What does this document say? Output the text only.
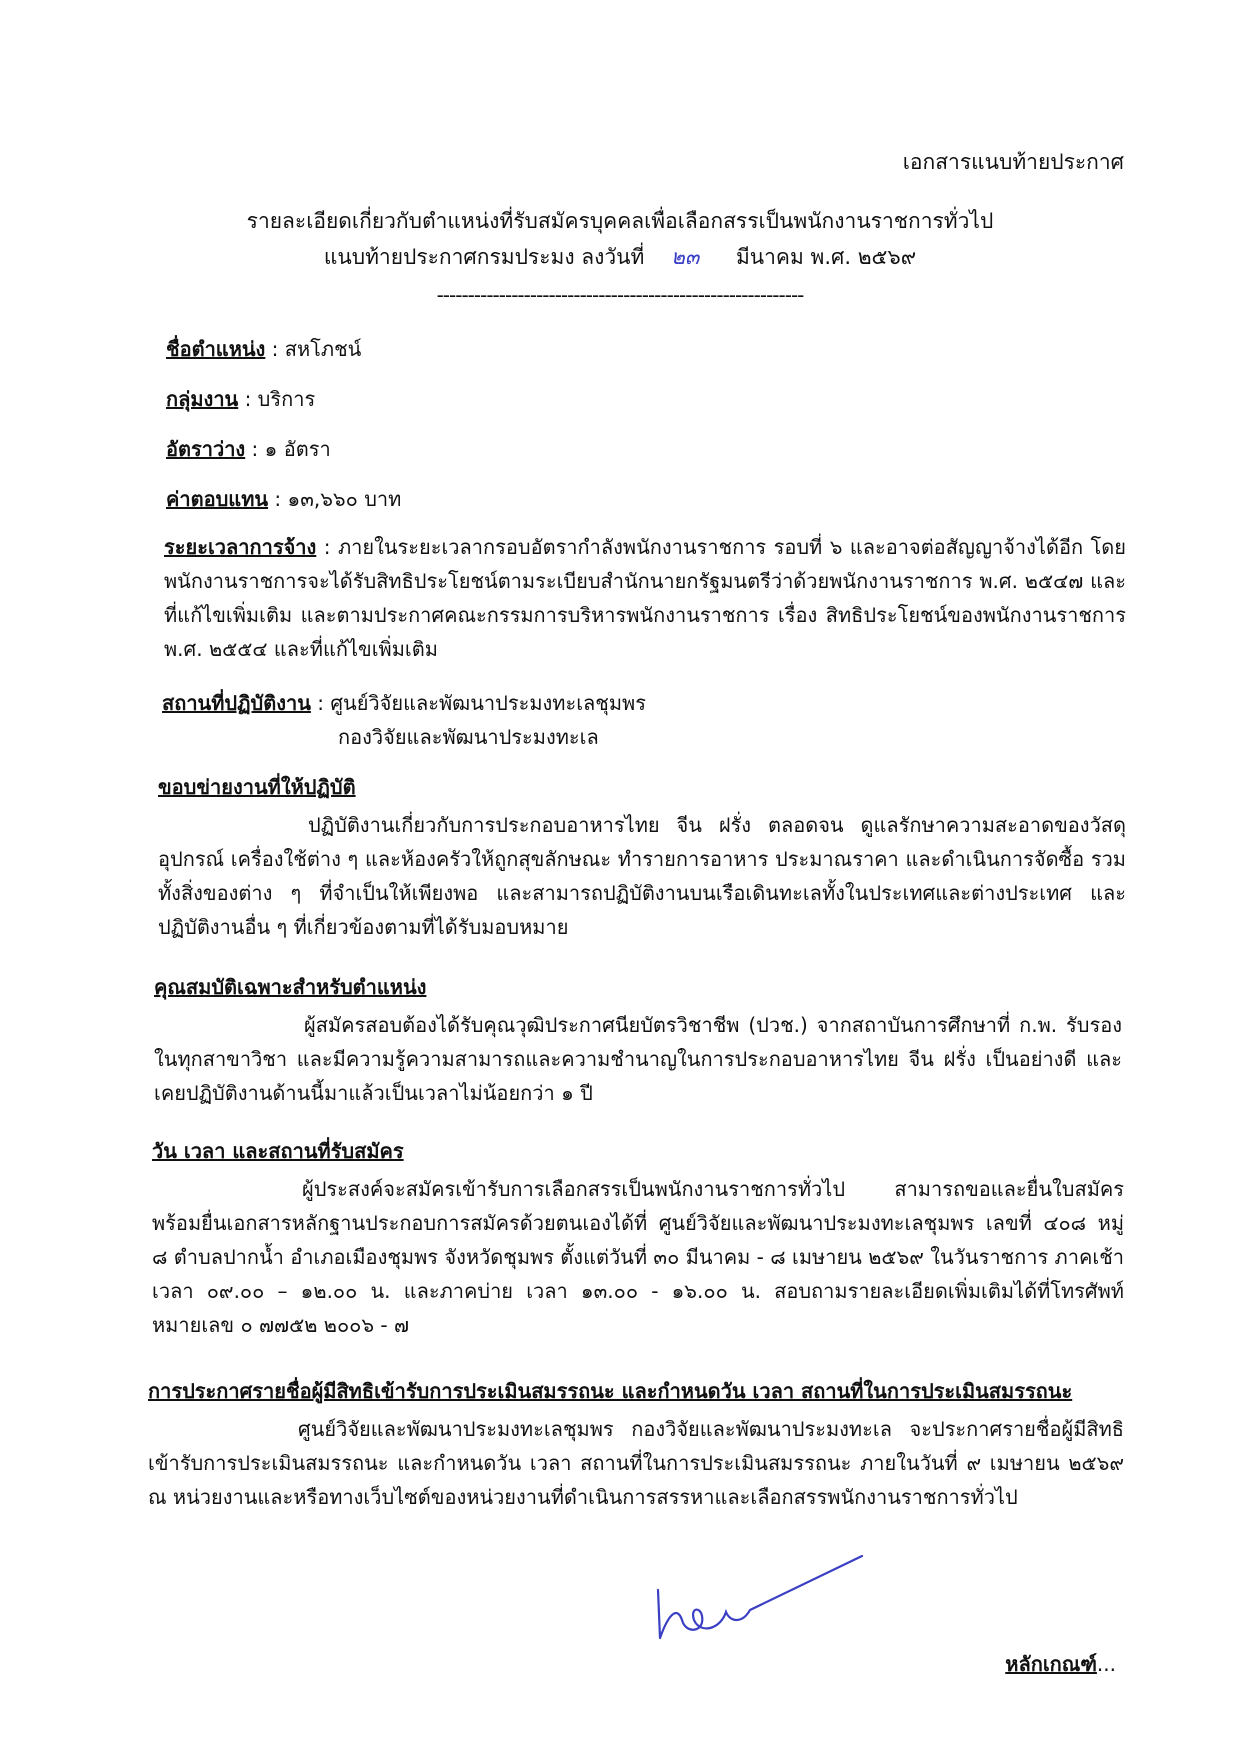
เอกสารแนบท้ายประกาศ
รายละเอียดเกี่ยวกับตำแหน่งที่รับสมัครบุคคลเพื่อเลือกสรรเป็นพนักงานราชการทั่วไป
แนบท้ายประกาศกรมประมง ลงวันที่ ๒๓ มีนาคม พ.ศ. ๒๕๖๙
-----------------------------------------------------------
ชื่อตำแหน่ง : สหโภชน์
กลุ่มงาน : บริการ
อัตราว่าง : ๑ อัตรา
ค่าตอบแทน : ๑๓,๖๖๐ บาท
ระยะเวลาการจ้าง : ภายในระยะเวลากรอบอัตรากำลังพนักงานราชการ รอบที่ ๖ และอาจต่อสัญญาจ้างได้อีก โดยพนักงานราชการจะได้รับสิทธิประโยชน์ตามระเบียบสำนักนายกรัฐมนตรีว่าด้วยพนักงานราชการ พ.ศ. ๒๕๔๗ และที่แก้ไขเพิ่มเติม และตามประกาศคณะกรรมการบริหารพนักงานราชการ เรื่อง สิทธิประโยชน์ของพนักงานราชการ พ.ศ. ๒๕๕๔ และที่แก้ไขเพิ่มเติม
สถานที่ปฏิบัติงาน : ศูนย์วิจัยและพัฒนาประมงทะเลชุมพร
กองวิจัยและพัฒนาประมงทะเล
ขอบข่ายงานที่ให้ปฏิบัติ
ปฏิบัติงานเกี่ยวกับการประกอบอาหารไทย จีน ฝรั่ง ตลอดจน ดูแลรักษาความสะอาดของวัสดุ อุปกรณ์ เครื่องใช้ต่าง ๆ และห้องครัวให้ถูกสุขลักษณะ ทำรายการอาหาร ประมาณราคา และดำเนินการจัดซื้อ รวมทั้งสิ่งของต่าง ๆ ที่จำเป็นให้เพียงพอ และสามารถปฏิบัติงานบนเรือเดินทะเลทั้งในประเทศและต่างประเทศ และปฏิบัติงานอื่น ๆ ที่เกี่ยวข้องตามที่ได้รับมอบหมาย
คุณสมบัติเฉพาะสำหรับตำแหน่ง
ผู้สมัครสอบต้องได้รับคุณวุฒิประกาศนียบัตรวิชาชีพ (ปวช.) จากสถาบันการศึกษาที่ ก.พ. รับรอง ในทุกสาขาวิชา และมีความรู้ความสามารถและความชำนาญในการประกอบอาหารไทย จีน ฝรั่ง เป็นอย่างดี และเคยปฏิบัติงานด้านนี้มาแล้วเป็นเวลาไม่น้อยกว่า ๑ ปี
วัน เวลา และสถานที่รับสมัคร
ผู้ประสงค์จะสมัครเข้ารับการเลือกสรรเป็นพนักงานราชการทั่วไป สามารถขอและยื่นใบสมัคร พร้อมยื่นเอกสารหลักฐานประกอบการสมัครด้วยตนเองได้ที่ ศูนย์วิจัยและพัฒนาประมงทะเลชุมพร เลขที่ ๔๐๘ หมู่ ๘ ตำบลปากน้ำ อำเภอเมืองชุมพร จังหวัดชุมพร ตั้งแต่วันที่ ๓๐ มีนาคม - ๘ เมษายน ๒๕๖๙ ในวันราชการ ภาคเช้า เวลา ๐๙.๐๐ – ๑๒.๐๐ น. และภาคบ่าย เวลา ๑๓.๐๐ - ๑๖.๐๐ น. สอบถามรายละเอียดเพิ่มเติมได้ที่โทรศัพท์หมายเลข ๐ ๗๗๕๒ ๒๐๐๖ - ๗
การประกาศรายชื่อผู้มีสิทธิเข้ารับการประเมินสมรรถนะ และกำหนดวัน เวลา สถานที่ในการประเมินสมรรถนะ
ศูนย์วิจัยและพัฒนาประมงทะเลชุมพร กองวิจัยและพัฒนาประมงทะเล จะประกาศรายชื่อผู้มีสิทธิ เข้ารับการประเมินสมรรถนะ และกำหนดวัน เวลา สถานที่ในการประเมินสมรรถนะ ภายในวันที่ ๙ เมษายน ๒๕๖๙ ณ หน่วยงานและหรือทางเว็บไซต์ของหน่วยงานที่ดำเนินการสรรหาและเลือกสรรพนักงานราชการทั่วไป
หลักเกณฑ์...
